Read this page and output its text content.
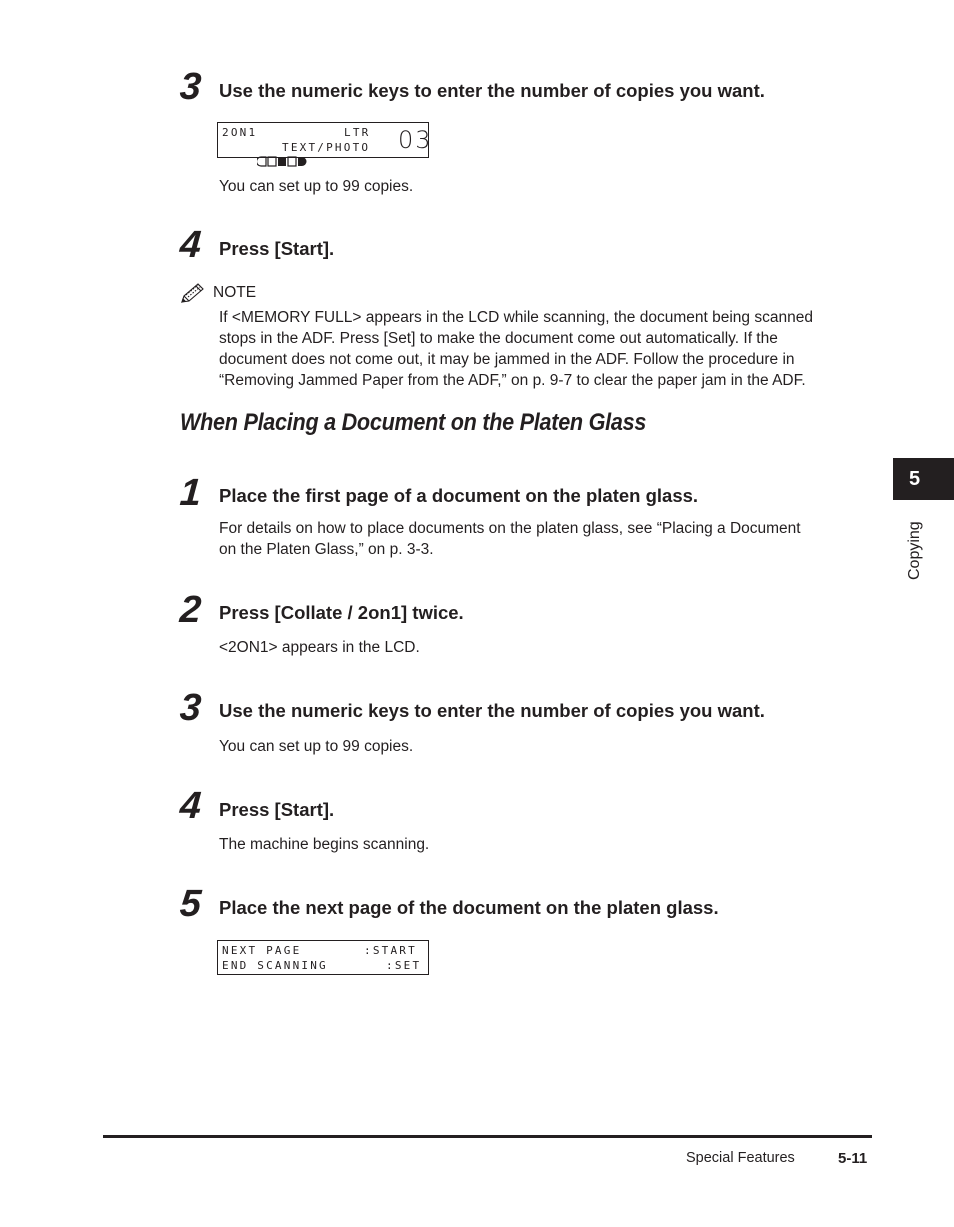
3 Use the numeric keys to enter the number of copies you want.
2ON1	LTR 03

TEXT/PHOTO
You can set up to 99 copies.
4 Press [Start].
NOTE
If <MEMORY FULL> appears in the LCD while scanning, the document being scanned
stops in the ADF. Press [Set] to make the document come out automatically. If the
document does not come out, it may be jammed in the ADF. Follow the procedure in
“Removing Jammed Paper from the ADF,” on p. 9-7 to clear the paper jam in the ADF.
When Placing a Document on the Platen Glass
1 Place the first page of a document on the platen glass.
For details on how to place documents on the platen glass, see “Placing a Document
on the Platen Glass,” on p. 3-3.
2 Press [Collate / 2on1] twice.
<2ON1> appears in the LCD.
3 Use the numeric keys to enter the number of copies you want.
You can set up to 99 copies.
4 Press [Start].
The machine begins scanning.
5 Place the next page of the document on the platen glass.
NEXT PAGE	:START
END SCANNING	:SET
5
Copying
Special Features	5-11
